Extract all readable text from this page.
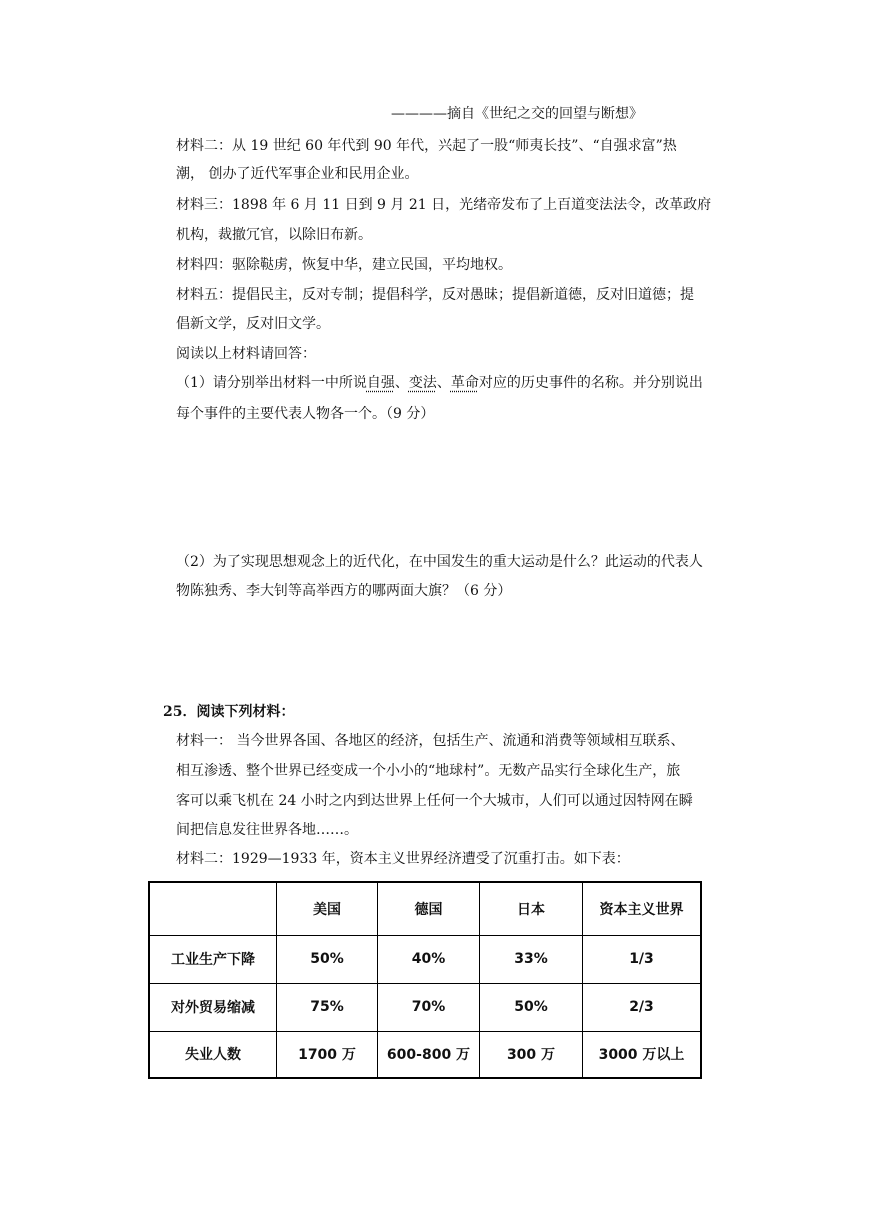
————摘自《世纪之交的回望与断想》
材料二：从 19 世纪 60 年代到 90 年代，兴起了一股“师夷长技”、“自强求富”热
潮， 创办了近代军事企业和民用企业。
材料三：1898 年 6 月 11 日到 9 月 21 日，光绪帝发布了上百道变法法令，改革政府
机构，裁撤冗官，以除旧布新。
材料四：驱除鞑虏，恢复中华，建立民国，平均地权。
材料五：提倡民主，反对专制；提倡科学，反对愚昧；提倡新道德，反对旧道德；提
倡新文学，反对旧文学。
阅读以上材料请回答：
（1）请分别举出材料一中所说自强、变法、革命对应的历史事件的名称。并分别说出
每个事件的主要代表人物各一个。（9 分）
（2）为了实现思想观念上的近代化，在中国发生的重大运动是什么？此运动的代表人
物陈独秀、李大钊等高举西方的哪两面大旗？（6 分）
25．阅读下列材料：
材料一： 当今世界各国、各地区的经济，包括生产、流通和消费等领域相互联系、
相互渗透、整个世界已经变成一个小小的“地球村”。无数产品实行全球化生产，旅
客可以乘飞机在 24 小时之内到达世界上任何一个大城市，人们可以通过因特网在瞬
间把信息发往世界各地……。
材料二：1929—1933 年，资本主义世界经济遭受了沉重打击。如下表：
	美国	德国	日本	资本主义世界
工业生产下降	50%	40%	33%	1/3
对外贸易缩减	75%	70%	50%	2/3
失业人数	1700 万	600-800 万	300 万	3000 万以上
